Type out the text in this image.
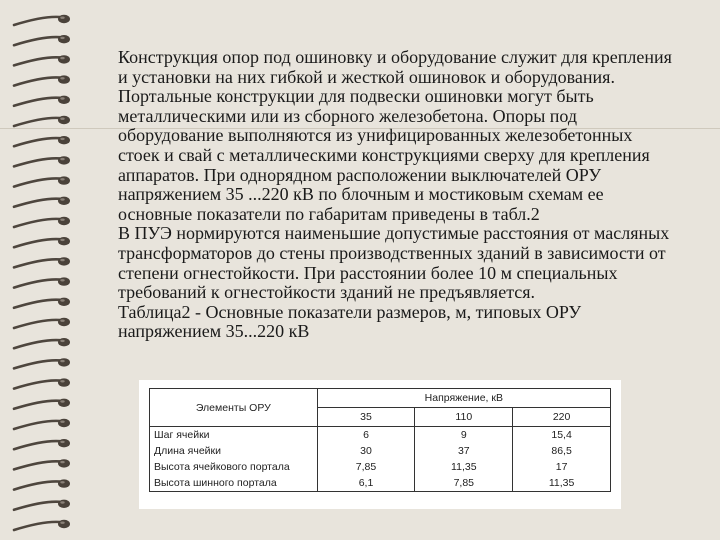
Конструкция опор под ошиновку и оборудование служит для крепления и установки на них гибкой и жесткой ошиновок и оборудования. Портальные конструкции для подвески ошиновки могут быть металлическими или из сборного железобетона. Опоры под оборудование выполняются из унифицированных железобетонных стоек и свай с металлическими конструкциями сверху для крепления аппаратов. При однорядном расположении выключателей ОРУ напряжением 35 ...220 кВ по блочным и мостиковым схемам ее основные показатели по габаритам приведены в табл.2

В ПУЭ нормируются наименьшие допустимые расстояния от масляных трансформаторов до стены производственных зданий в зависимости от степени огнестойкости. При расстоянии более 10 м специальных требований к огнестойкости зданий не предъявляется.

Таблица2 - Основные показатели размеров, м, типовых ОРУ напряжением 35...220 кВ

Элементы ОРУ	Напряжение, кВ		
	35	110	220
Шаг ячейки	6	9	15,4
Длина ячейки	30	37	86,5
Высота ячейкового портала	7,85	11,35	17
Высота шинного портала	6,1	7,85	11,35
